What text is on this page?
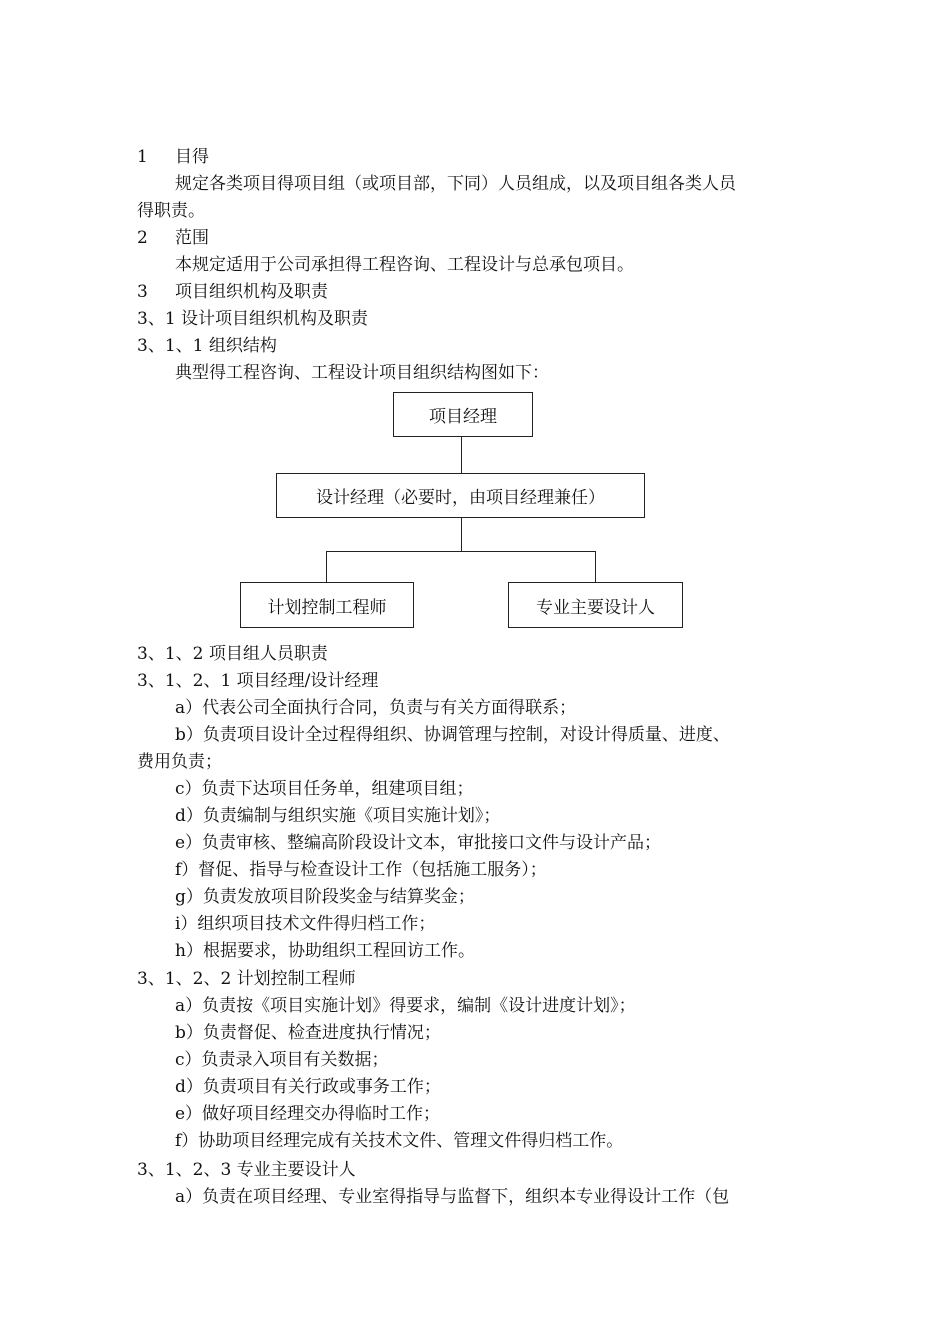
1 目得
规定各类项目得项目组（或项目部，下同）人员组成，以及项目组各类人员
得职责。
2 范围
本规定适用于公司承担得工程咨询、工程设计与总承包项目。
3 项目组织机构及职责
3、1 设计项目组织机构及职责
3、1、1 组织结构
典型得工程咨询、工程设计项目组织结构图如下：
项目经理
设计经理（必要时，由项目经理兼任）
计划控制工程师	专业主要设计人
3、1、2 项目组人员职责
3、1、2、1 项目经理/设计经理
a）代表公司全面执行合同，负责与有关方面得联系；
b）负责项目设计全过程得组织、协调管理与控制，对设计得质量、进度、
费用负责；
c）负责下达项目任务单，组建项目组；
d）负责编制与组织实施《项目实施计划》；
e）负责审核、整编高阶段设计文本，审批接口文件与设计产品；
f）督促、指导与检查设计工作（包括施工服务）；
g）负责发放项目阶段奖金与结算奖金；
i）组织项目技术文件得归档工作；
h）根据要求，协助组织工程回访工作。
3、1、2、2 计划控制工程师
a）负责按《项目实施计划》得要求，编制《设计进度计划》；
b）负责督促、检查进度执行情况；
c）负责录入项目有关数据；
d）负责项目有关行政或事务工作；
e）做好项目经理交办得临时工作；
f）协助项目经理完成有关技术文件、管理文件得归档工作。
3、1、2、3 专业主要设计人
a）负责在项目经理、专业室得指导与监督下，组织本专业得设计工作（包
